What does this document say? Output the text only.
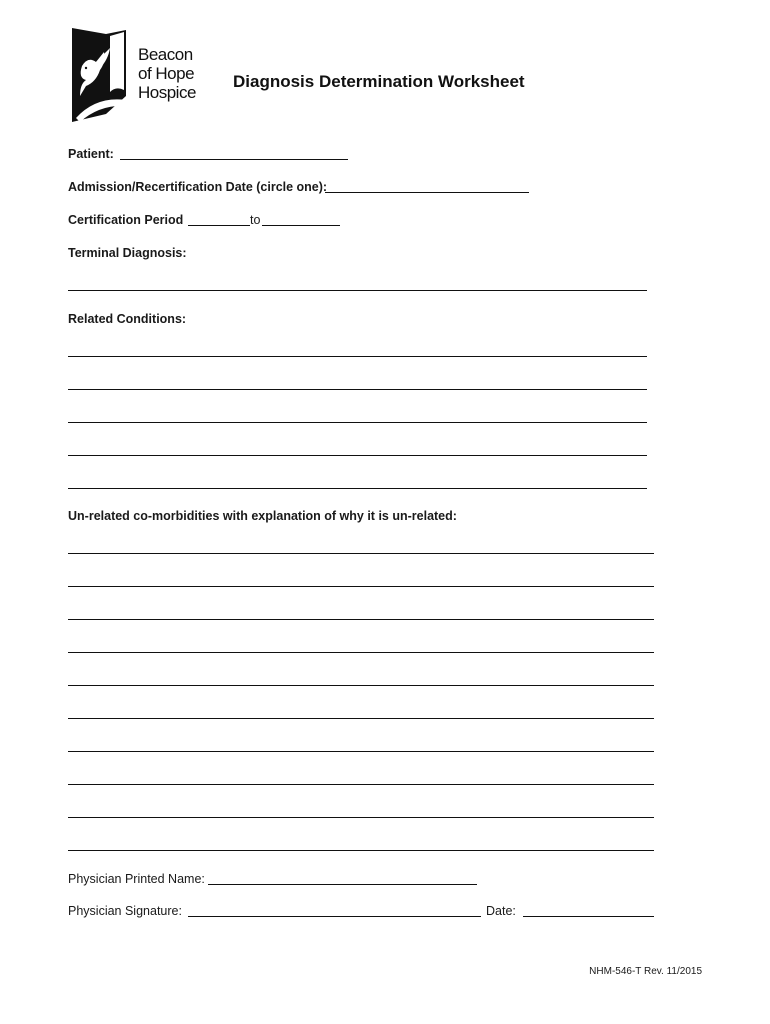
Beacon
of Hope
Hospice
Diagnosis Determination Worksheet
Patient:
Admission/Recertification Date (circle one):
Certification Period	to
Terminal Diagnosis:
Related Conditions:
Un-related co-morbidities with explanation of why it is un-related:
Physician Printed Name:
Physician Signature:	Date:
NHM-546-T Rev. 11/2015
